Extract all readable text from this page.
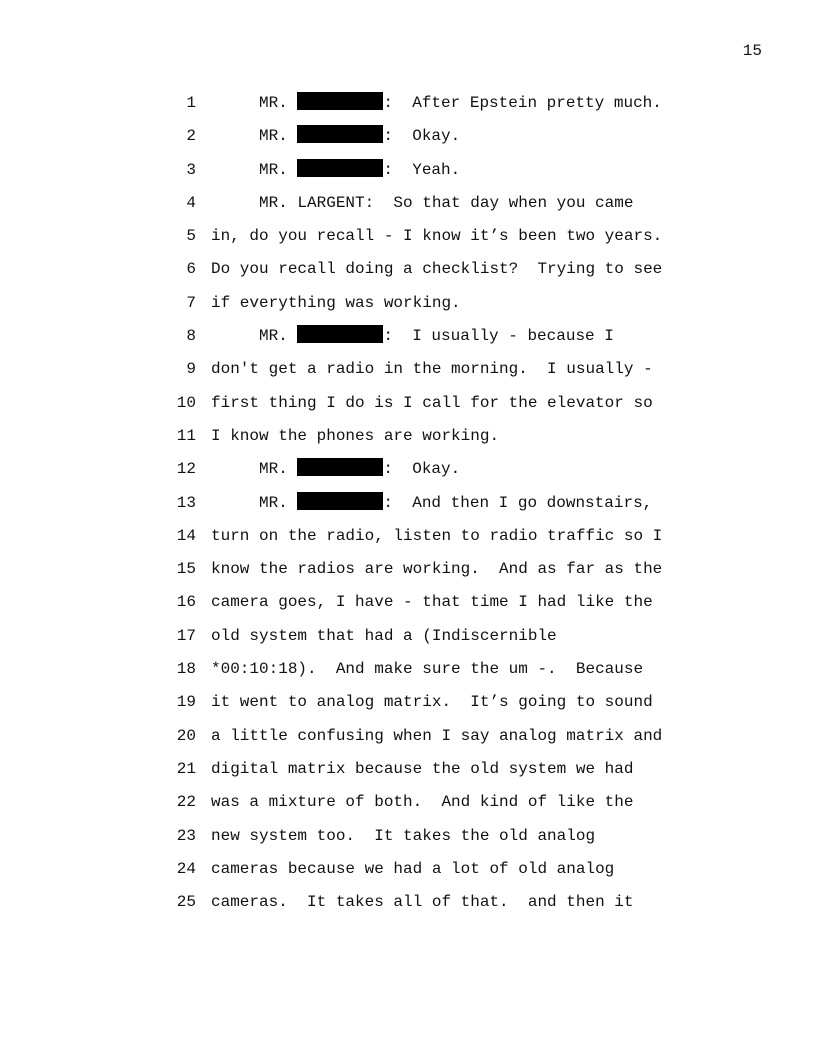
15
1	MR.	:  After Epstein pretty much.
2	MR.	:  Okay.
3	MR.	:  Yeah.
4	MR. LARGENT:  So that day when you came
5 in, do you recall - I know it’s been two years.
6 Do you recall doing a checklist?  Trying to see
7 if everything was working.
8	MR.	:  I usually - because I
9 don't get a radio in the morning.  I usually -
10 first thing I do is I call for the elevator so
11 I know the phones are working.
12	MR.	:  Okay.
13	MR.	:  And then I go downstairs,
14 turn on the radio, listen to radio traffic so I
15 know the radios are working.  And as far as the
16 camera goes, I have - that time I had like the
17 old system that had a (Indiscernible
18 *00:10:18).  And make sure the um -.  Because
19 it went to analog matrix.  It’s going to sound
20 a little confusing when I say analog matrix and
21 digital matrix because the old system we had
22 was a mixture of both.  And kind of like the
23 new system too.  It takes the old analog
24 cameras because we had a lot of old analog
25 cameras.  It takes all of that.  and then it
